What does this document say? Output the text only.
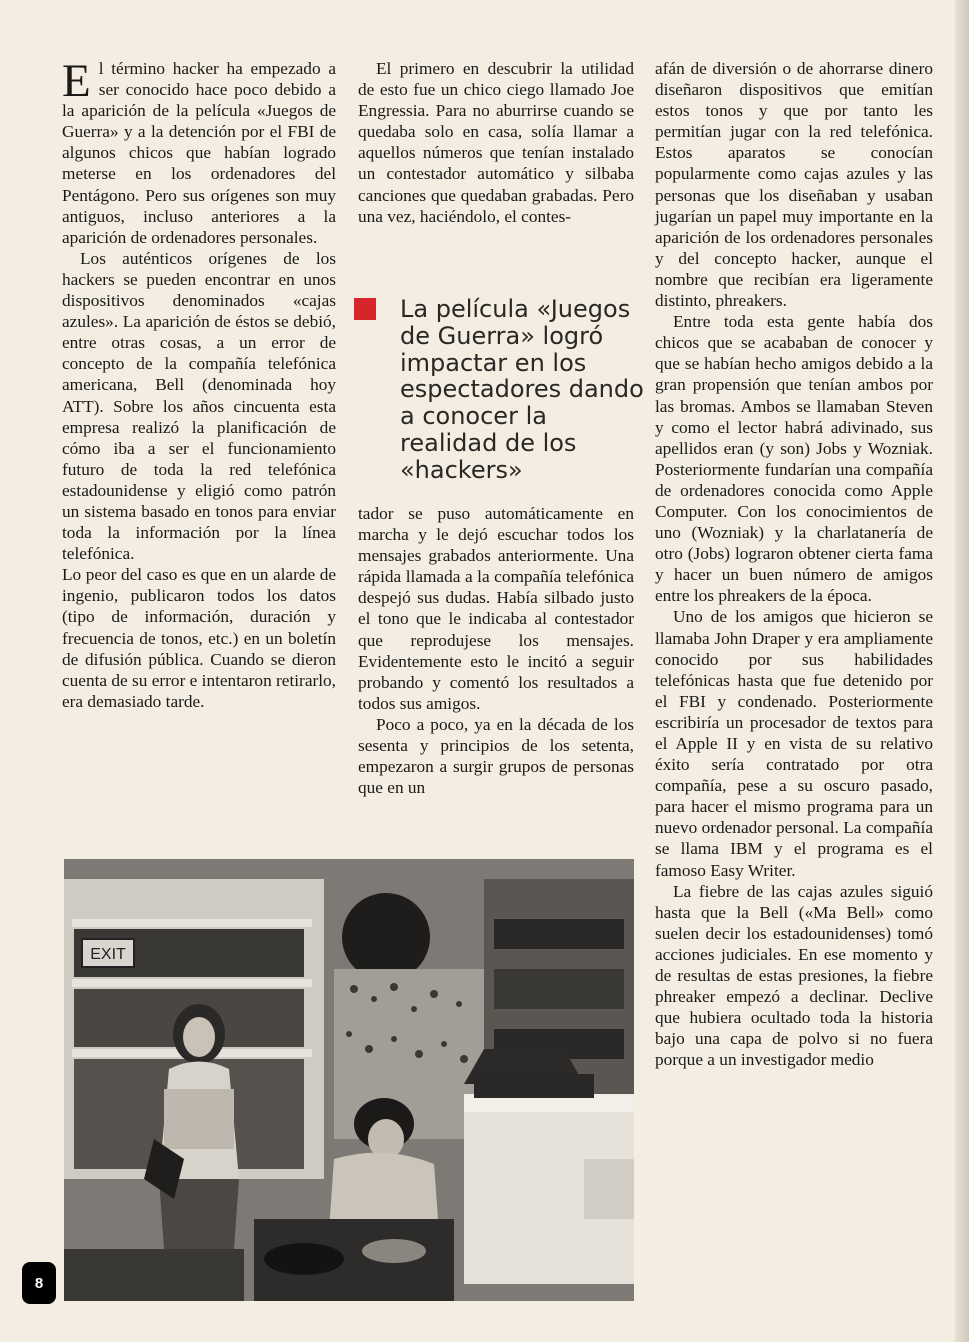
El término hacker ha empezado a ser conocido hace poco debido a la aparición de la película «Juegos de Guerra» y a la detención por el FBI de algunos chicos que habían logrado meterse en los ordenadores del Pentágono. Pero sus orígenes son muy antiguos, incluso anteriores a la aparición de ordenadores personales.

Los auténticos orígenes de los hackers se pueden encontrar en unos dispositivos denominados «cajas azules». La aparición de éstos se debió, entre otras cosas, a un error de concepto de la compañía telefónica americana, Bell (denominada hoy ATT). Sobre los años cincuenta esta empresa realizó la planificación de cómo iba a ser el funcionamiento futuro de toda la red telefónica estadounidense y eligió como patrón un sistema basado en tonos para enviar toda la información por la línea telefónica.

Lo peor del caso es que en un alarde de ingenio, publicaron todos los datos (tipo de información, duración y frecuencia de tonos, etc.) en un boletín de difusión pública. Cuando se dieron cuenta de su error e intentaron retirarlo, era demasiado tarde.

El primero en descubrir la utilidad de esto fue un chico ciego llamado Joe Engressia. Para no aburrirse cuando se quedaba solo en casa, solía llamar a aquellos números que tenían instalado un contestador automático y silbaba canciones que quedaban grabadas. Pero una vez, haciéndolo, el contes-

La película «Juegos de Guerra» logró impactar en los espectadores dando a conocer la realidad de los «hackers»

tador se puso automáticamente en marcha y le dejó escuchar todos los mensajes grabados anteriormente. Una rápida llamada a la compañía telefónica despejó sus dudas. Había silbado justo el tono que le indicaba al contestador que reprodujese los mensajes. Evidentemente esto le incitó a seguir probando y comentó los resultados a todos sus amigos.

Poco a poco, ya en la década de los sesenta y principios de los setenta, empezaron a surgir grupos de personas que en un

afán de diversión o de ahorrarse dinero diseñaron dispositivos que emitían estos tonos y que por tanto les permitían jugar con la red telefónica. Estos aparatos se conocían popularmente como cajas azules y las personas que los diseñaban y usaban jugarían un papel muy importante en la aparición de los ordenadores personales y del concepto hacker, aunque el nombre que recibían era ligeramente distinto, phreakers.

Entre toda esta gente había dos chicos que se acababan de conocer y que se habían hecho amigos debido a la gran propensión que tenían ambos por las bromas. Ambos se llamaban Steven y como el lector habrá adivinado, sus apellidos eran (y son) Jobs y Wozniak. Posteriormente fundarían una compañía de ordenadores conocida como Apple Computer. Con los conocimientos de uno (Wozniak) y la charlatanería de otro (Jobs) lograron obtener cierta fama y hacer un buen número de amigos entre los phreakers de la época.

Uno de los amigos que hicieron se llamaba John Draper y era ampliamente conocido por sus habilidades telefónicas hasta que fue detenido por el FBI y condenado. Posteriormente escribiría un procesador de textos para el Apple II y en vista de su relativo éxito sería contratado por otra compañía, pese a su oscuro pasado, para hacer el mismo programa para un nuevo ordenador personal. La compañía se llama IBM y el programa es el famoso Easy Writer.

La fiebre de las cajas azules siguió hasta que la Bell («Ma Bell» como suelen decir los estadounidenses) tomó acciones judiciales. En ese momento y de resultas de estas presiones, la fiebre phreaker empezó a declinar. Declive que hubiera ocultado toda la historia bajo una capa de polvo si no fuera porque a un investigador medio

EXIT
8
